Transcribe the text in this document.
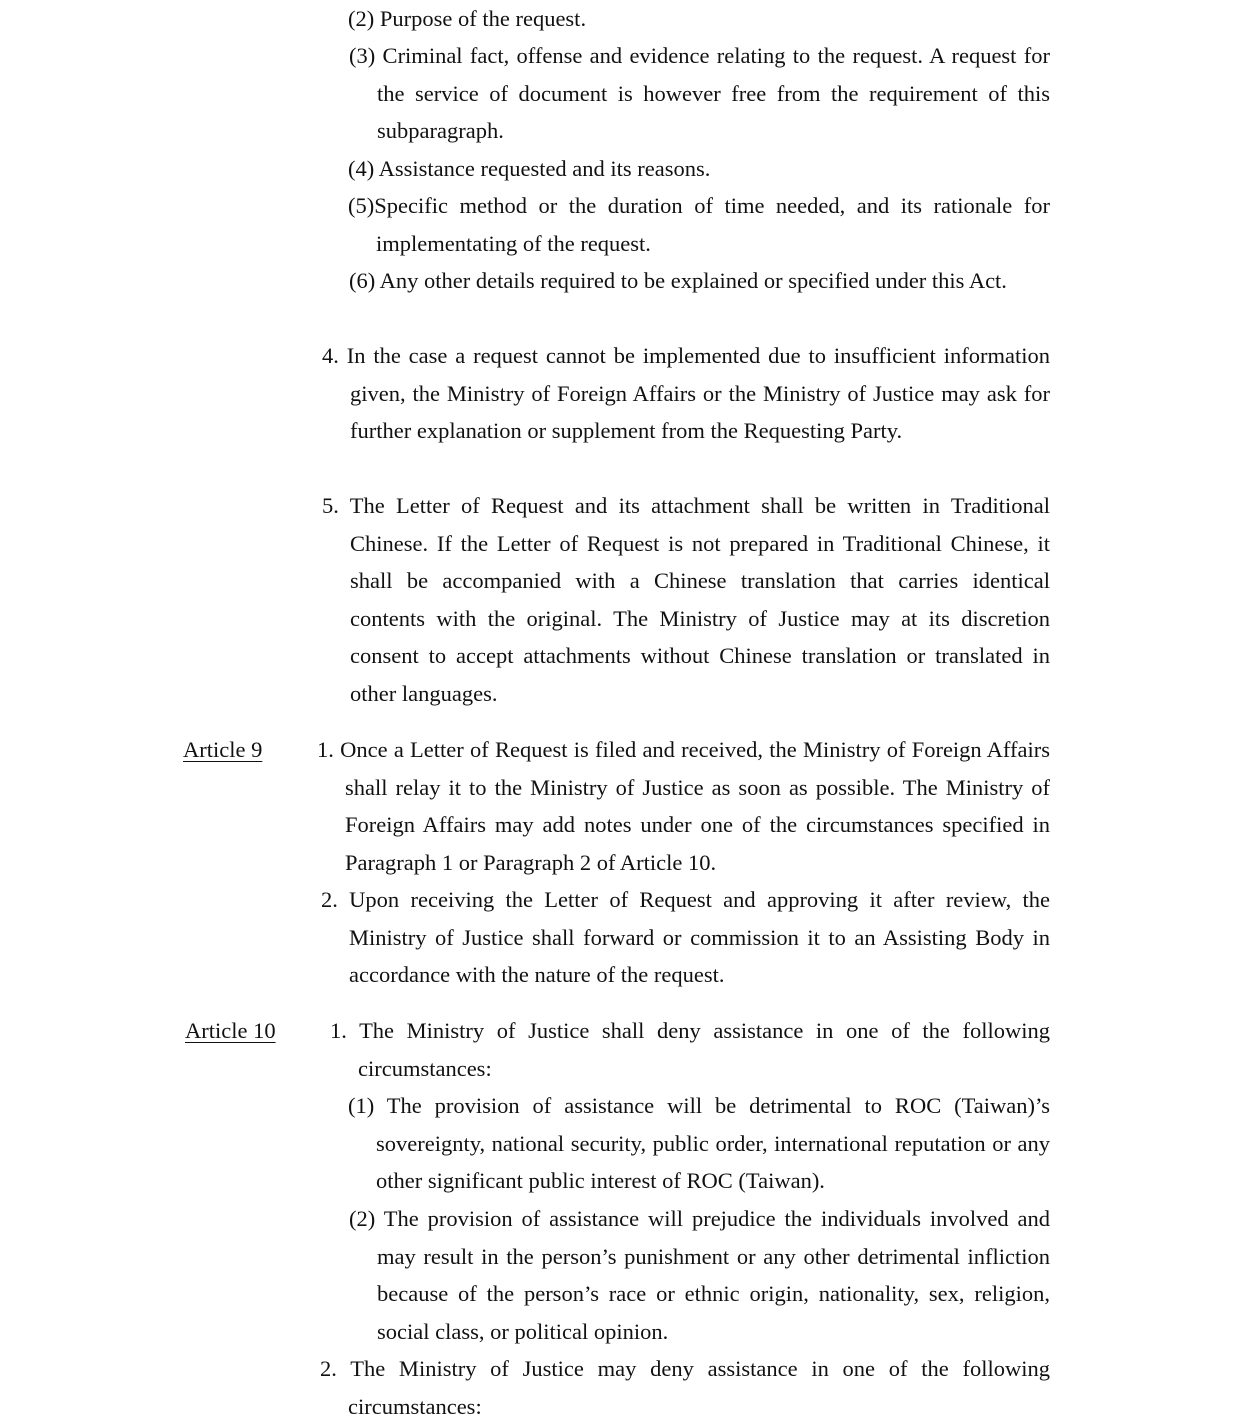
(2) Purpose of the request.

(3) Criminal fact, offense and evidence relating to the request. A request for the service of document is however free from the requirement of this subparagraph.

(4) Assistance requested and its reasons.

(5)Specific method or the duration of time needed, and its rationale for implementating of the request.

(6) Any other details required to be explained or specified under this Act.

4. In the case a request cannot be implemented due to insufficient information given, the Ministry of Foreign Affairs or the Ministry of Justice may ask for further explanation or supplement from the Requesting Party.

5. The Letter of Request and its attachment shall be written in Traditional Chinese. If the Letter of Request is not prepared in Traditional Chinese, it shall be accompanied with a Chinese translation that carries identical contents with the original. The Ministry of Justice may at its discretion consent to accept attachments without Chinese translation or translated in other languages.

Article 9 1. Once a Letter of Request is filed and received, the Ministry of Foreign Affairs shall relay it to the Ministry of Justice as soon as possible. The Ministry of Foreign Affairs may add notes under one of the circumstances specified in Paragraph 1 or Paragraph 2 of Article 10.

2. Upon receiving the Letter of Request and approving it after review, the Ministry of Justice shall forward or commission it to an Assisting Body in accordance with the nature of the request.

Article 10 1. The Ministry of Justice shall deny assistance in one of the following circumstances:

(1) The provision of assistance will be detrimental to ROC (Taiwan)’s sovereignty, national security, public order, international reputation or any other significant public interest of ROC (Taiwan).

(2) The provision of assistance will prejudice the individuals involved and may result in the person’s punishment or any other detrimental infliction because of the person’s race or ethnic origin, nationality, sex, religion, social class, or political opinion.

2. The Ministry of Justice may deny assistance in one of the following circumstances:
